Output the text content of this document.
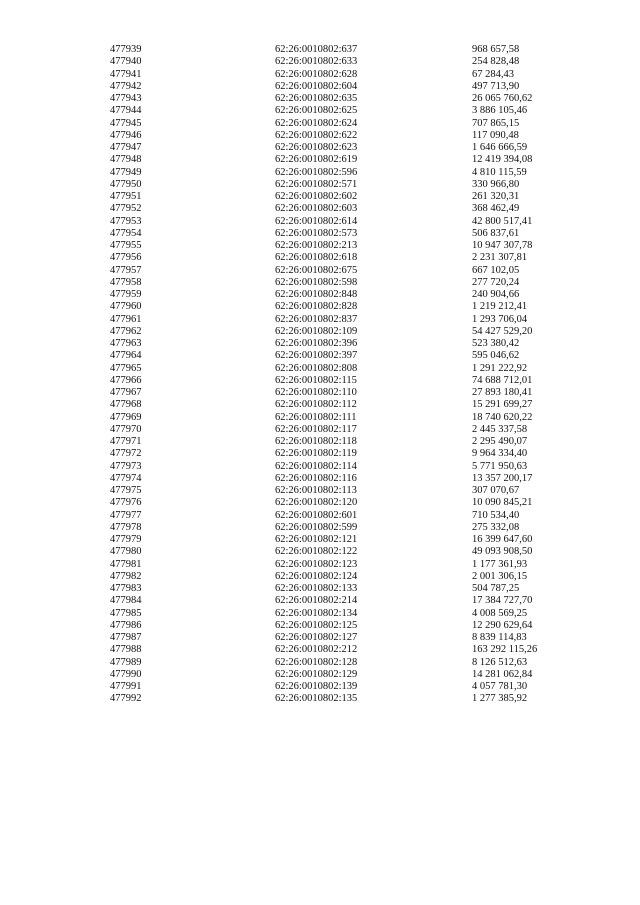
477939	62:26:0010802:637	968 657,58
477940	62:26:0010802:633	254 828,48
477941	62:26:0010802:628	67 284,43
477942	62:26:0010802:604	497 713,90
477943	62:26:0010802:635	26 065 760,62
477944	62:26:0010802:625	3 886 105,46
477945	62:26:0010802:624	707 865,15
477946	62:26:0010802:622	117 090,48
477947	62:26:0010802:623	1 646 666,59
477948	62:26:0010802:619	12 419 394,08
477949	62:26:0010802:596	4 810 115,59
477950	62:26:0010802:571	330 966,80
477951	62:26:0010802:602	261 320,31
477952	62:26:0010802:603	368 462,49
477953	62:26:0010802:614	42 800 517,41
477954	62:26:0010802:573	506 837,61
477955	62:26:0010802:213	10 947 307,78
477956	62:26:0010802:618	2 231 307,81
477957	62:26:0010802:675	667 102,05
477958	62:26:0010802:598	277 720,24
477959	62:26:0010802:848	240 904,66
477960	62:26:0010802:828	1 219 212,41
477961	62:26:0010802:837	1 293 706,04
477962	62:26:0010802:109	54 427 529,20
477963	62:26:0010802:396	523 380,42
477964	62:26:0010802:397	595 046,62
477965	62:26:0010802:808	1 291 222,92
477966	62:26:0010802:115	74 688 712,01
477967	62:26:0010802:110	27 893 180,41
477968	62:26:0010802:112	15 291 699,27
477969	62:26:0010802:111	18 740 620,22
477970	62:26:0010802:117	2 445 337,58
477971	62:26:0010802:118	2 295 490,07
477972	62:26:0010802:119	9 964 334,40
477973	62:26:0010802:114	5 771 950,63
477974	62:26:0010802:116	13 357 200,17
477975	62:26:0010802:113	307 070,67
477976	62:26:0010802:120	10 090 845,21
477977	62:26:0010802:601	710 534,40
477978	62:26:0010802:599	275 332,08
477979	62:26:0010802:121	16 399 647,60
477980	62:26:0010802:122	49 093 908,50
477981	62:26:0010802:123	1 177 361,93
477982	62:26:0010802:124	2 001 306,15
477983	62:26:0010802:133	504 787,25
477984	62:26:0010802:214	17 384 727,70
477985	62:26:0010802:134	4 008 569,25
477986	62:26:0010802:125	12 290 629,64
477987	62:26:0010802:127	8 839 114,83
477988	62:26:0010802:212	163 292 115,26
477989	62:26:0010802:128	8 126 512,63
477990	62:26:0010802:129	14 281 062,84
477991	62:26:0010802:139	4 057 781,30
477992	62:26:0010802:135	1 277 385,92
